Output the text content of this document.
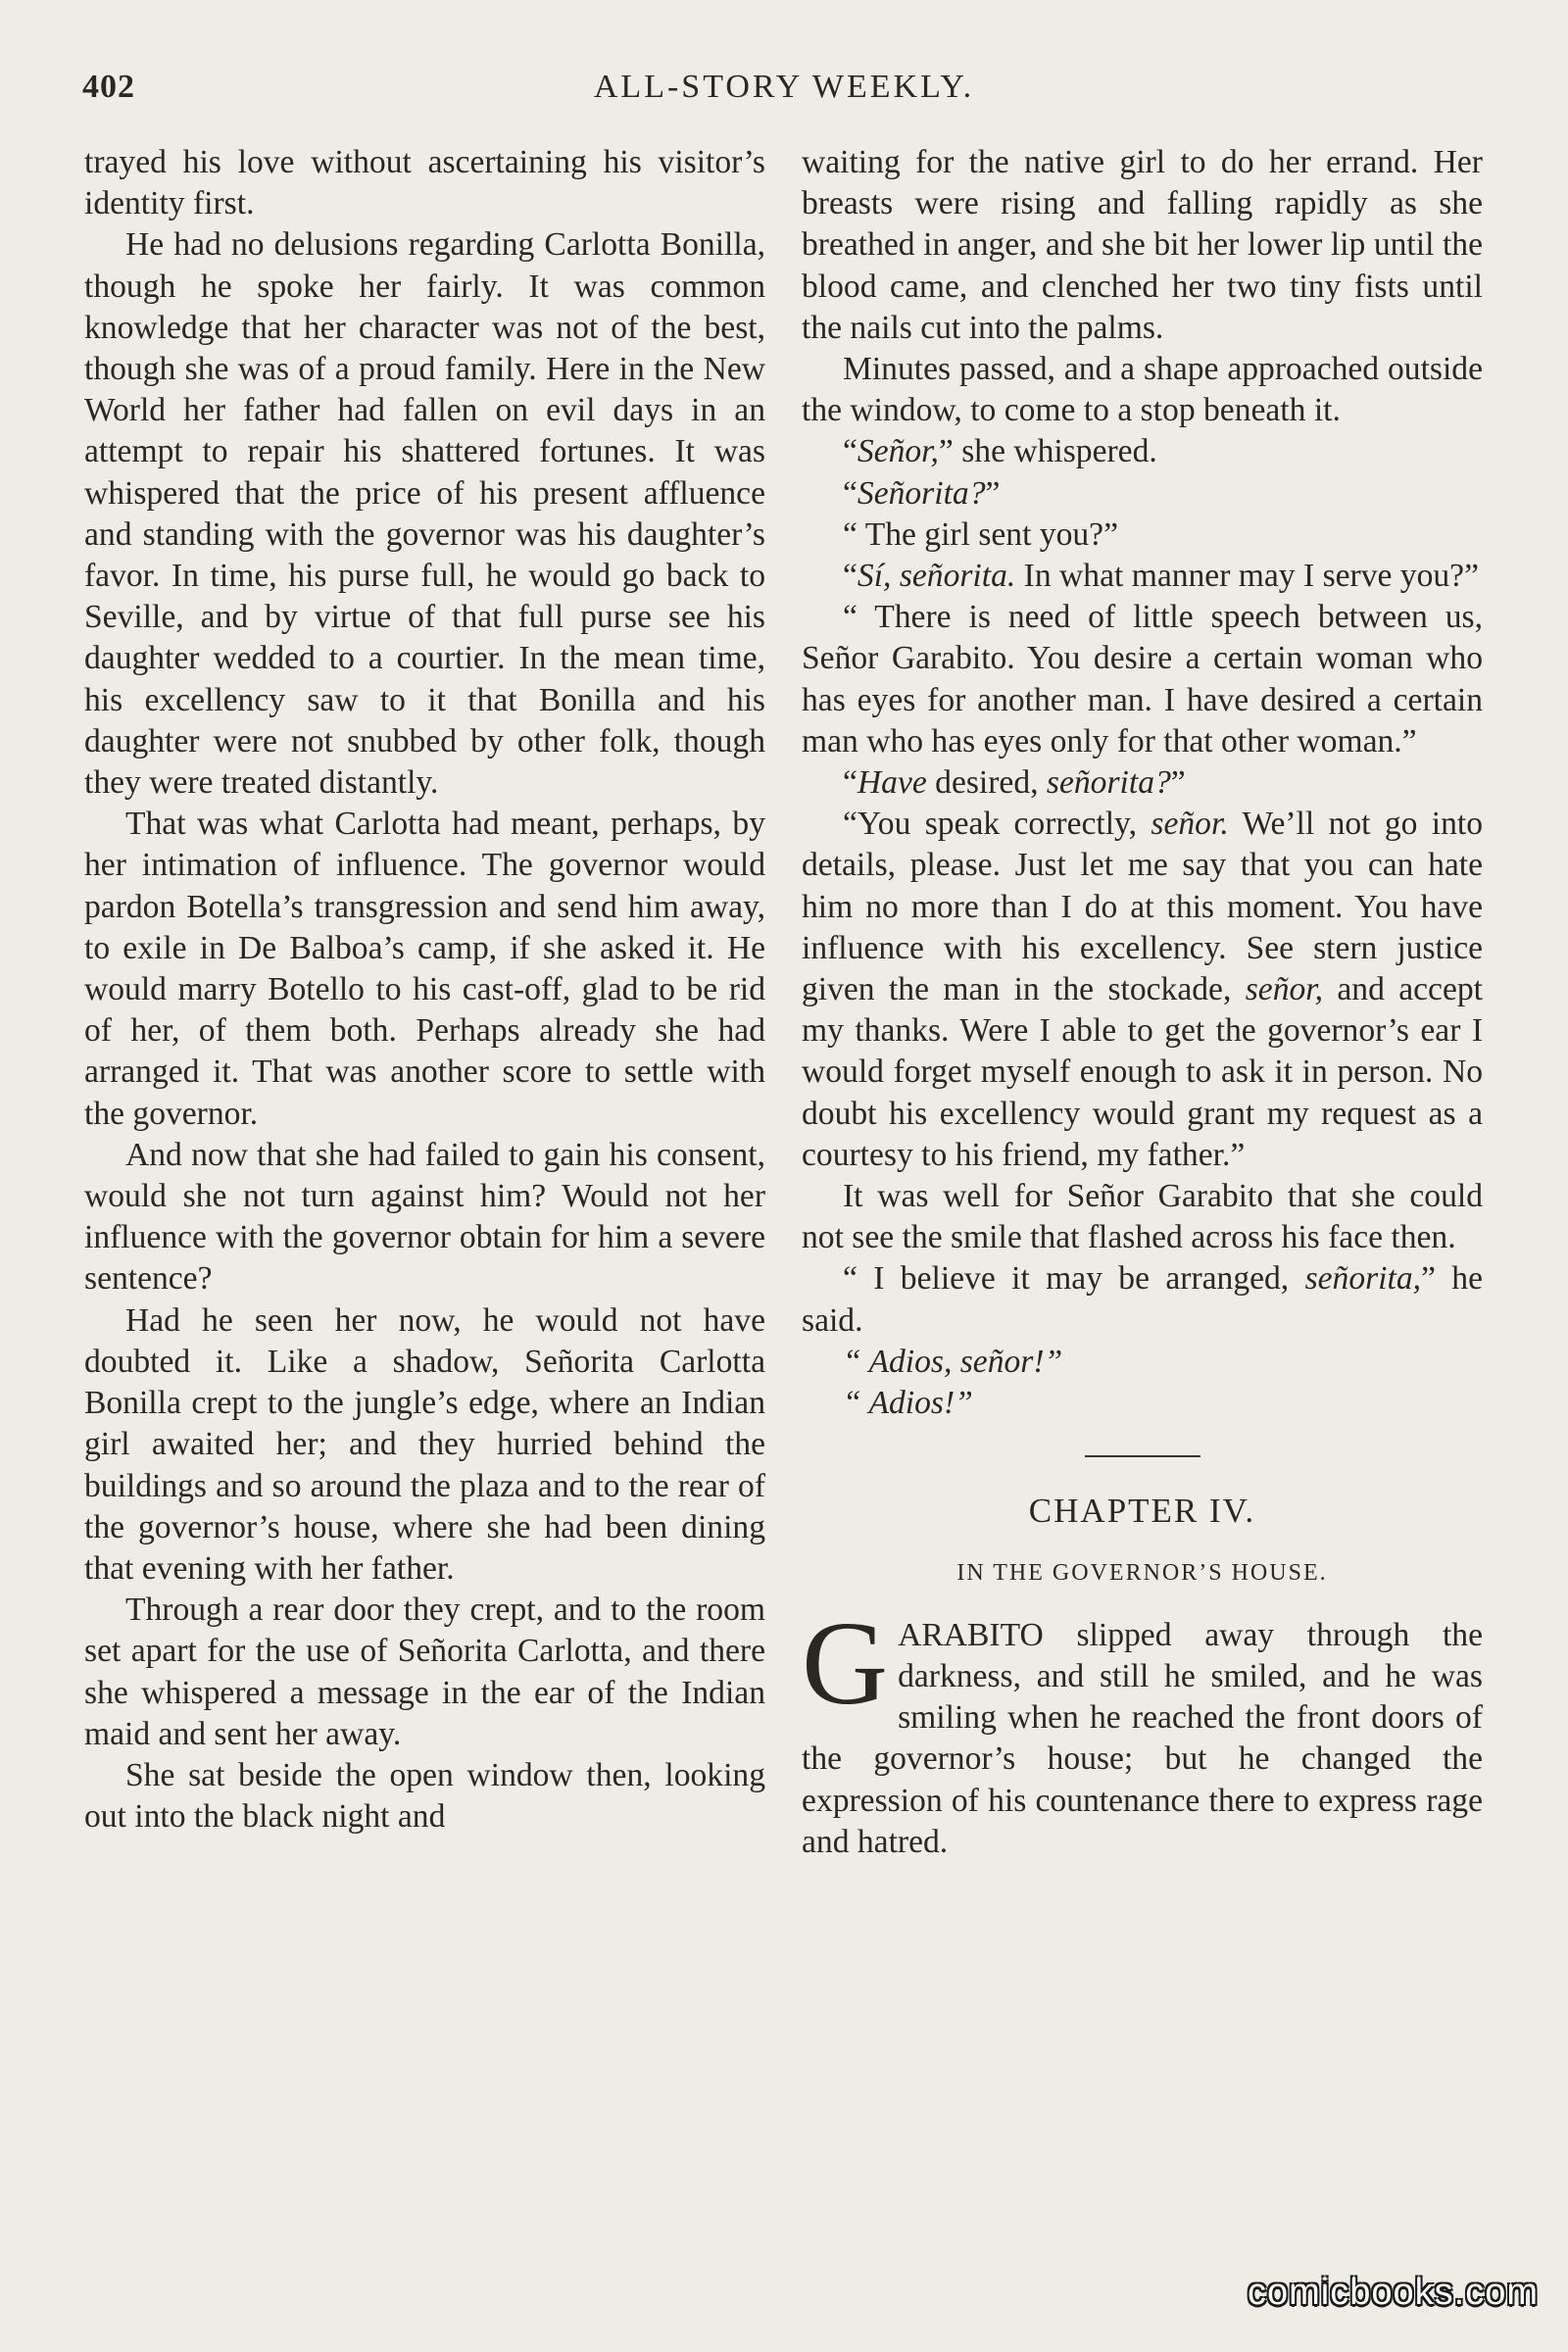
402	ALL-STORY WEEKLY.

trayed his love without ascertaining his visitor’s identity first.

He had no delusions regarding Carlotta Bonilla, though he spoke her fairly. It was common knowledge that her character was not of the best, though she was of a proud family. Here in the New World her father had fallen on evil days in an attempt to repair his shattered fortunes. It was whispered that the price of his present affluence and standing with the governor was his daughter’s favor. In time, his purse full, he would go back to Seville, and by virtue of that full purse see his daughter wedded to a courtier. In the mean time, his excellency saw to it that Bonilla and his daughter were not snubbed by other folk, though they were treated distantly.

That was what Carlotta had meant, perhaps, by her intimation of influence. The governor would pardon Botella’s transgression and send him away, to exile in De Balboa’s camp, if she asked it. He would marry Botello to his cast-off, glad to be rid of her, of them both. Perhaps already she had arranged it. That was another score to settle with the governor.

And now that she had failed to gain his consent, would she not turn against him? Would not her influence with the governor obtain for him a severe sentence?

Had he seen her now, he would not have doubted it. Like a shadow, Señorita Carlotta Bonilla crept to the jungle’s edge, where an Indian girl awaited her; and they hurried behind the buildings and so around the plaza and to the rear of the governor’s house, where she had been dining that evening with her father.

Through a rear door they crept, and to the room set apart for the use of Señorita Carlotta, and there she whispered a message in the ear of the Indian maid and sent her away.

She sat beside the open window then, looking out into the black night and

waiting for the native girl to do her errand. Her breasts were rising and falling rapidly as she breathed in anger, and she bit her lower lip until the blood came, and clenched her two tiny fists until the nails cut into the palms.

Minutes passed, and a shape approached outside the window, to come to a stop beneath it.

“Señor,” she whispered.

“Señorita?”

“ The girl sent you?”

“Sí, señorita. In what manner may I serve you?”

“ There is need of little speech between us, Señor Garabito. You desire a certain woman who has eyes for another man. I have desired a certain man who has eyes only for that other woman.”

“Have desired, señorita?”

“You speak correctly, señor. We’ll not go into details, please. Just let me say that you can hate him no more than I do at this moment. You have influence with his excellency. See stern justice given the man in the stockade, señor, and accept my thanks. Were I able to get the governor’s ear I would forget myself enough to ask it in person. No doubt his excellency would grant my request as a courtesy to his friend, my father.”

It was well for Señor Garabito that she could not see the smile that flashed across his face then.

“ I believe it may be arranged, señorita,” he said.

“ Adios, señor!”

“ Adios!”

CHAPTER IV.
IN THE GOVERNOR’S HOUSE.

GARABITO slipped away through the darkness, and still he smiled, and he was smiling when he reached the front doors of the governor’s house; but he changed the expression of his countenance there to express rage and hatred.

comicbooks.com
